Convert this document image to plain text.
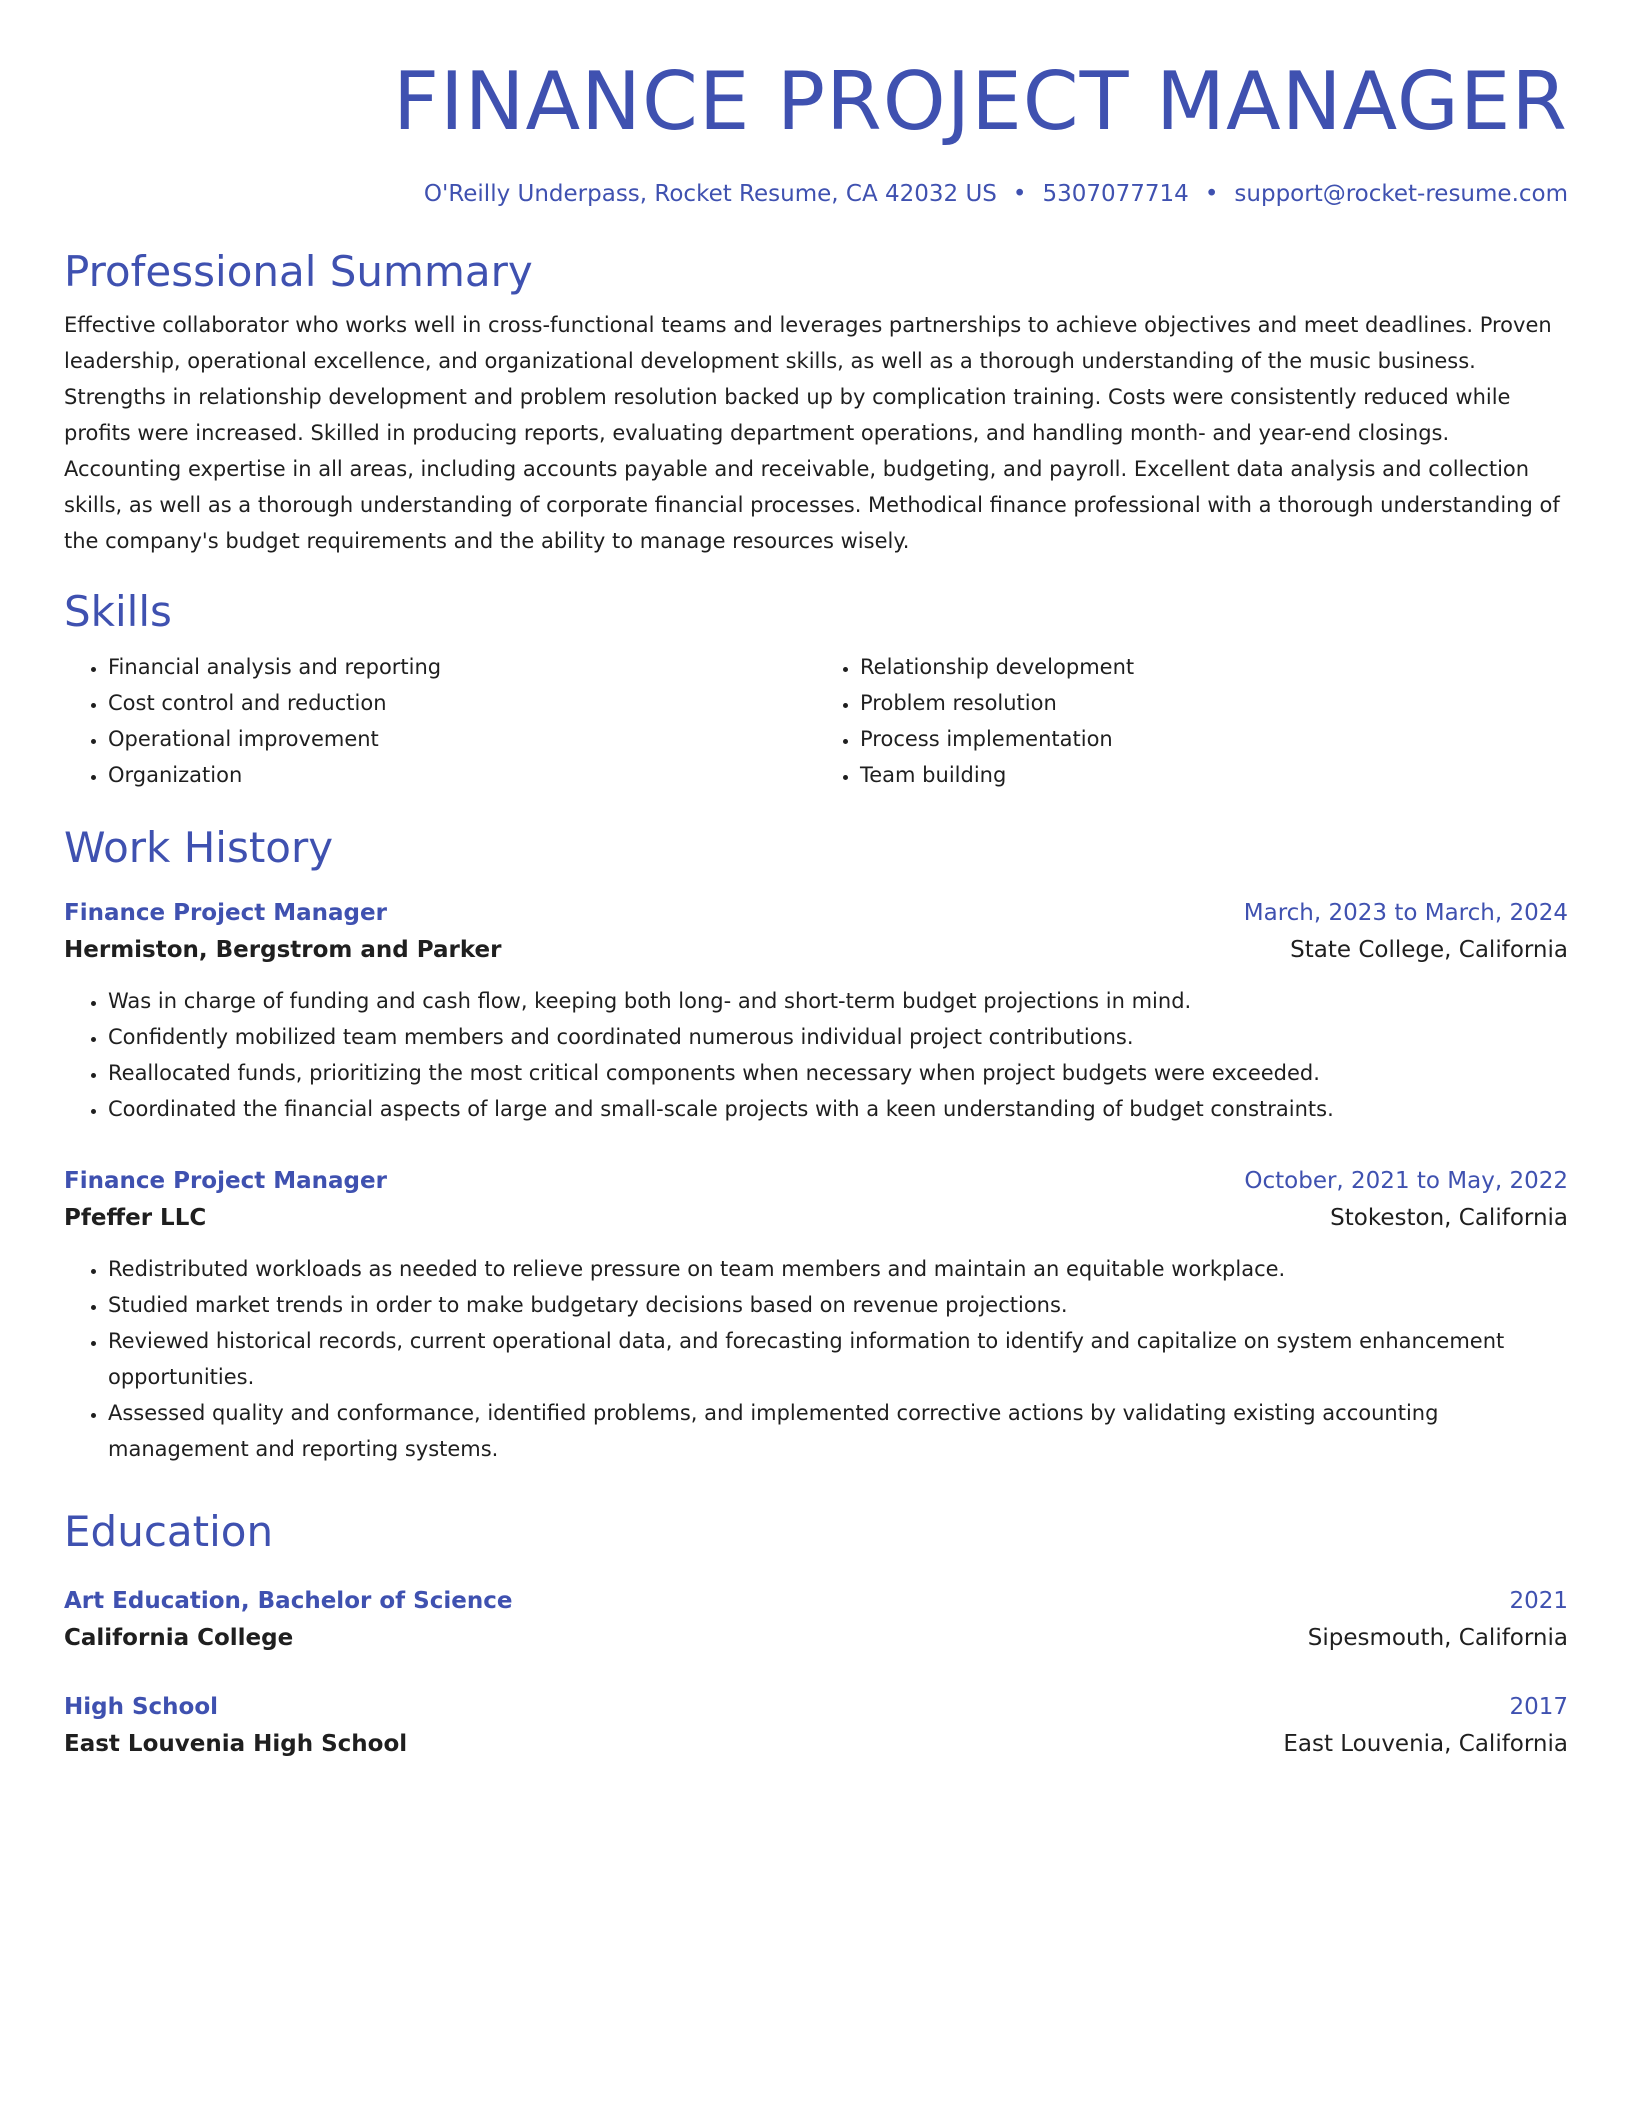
FINANCE PROJECT MANAGER
O'Reilly Underpass, Rocket Resume, CA 42032 US • 5307077714 • support@rocket-resume.com
Professional Summary
Effective collaborator who works well in cross-functional teams and leverages partnerships to achieve objectives and meet deadlines. Proven leadership, operational excellence, and organizational development skills, as well as a thorough understanding of the music business. Strengths in relationship development and problem resolution backed up by complication training. Costs were consistently reduced while profits were increased. Skilled in producing reports, evaluating department operations, and handling month- and year-end closings. Accounting expertise in all areas, including accounts payable and receivable, budgeting, and payroll. Excellent data analysis and collection skills, as well as a thorough understanding of corporate financial processes. Methodical finance professional with a thorough understanding of the company's budget requirements and the ability to manage resources wisely.
Skills
• Financial analysis and reporting
• Cost control and reduction
• Operational improvement
• Organization
• Relationship development
• Problem resolution
• Process implementation
• Team building
Work History
Finance Project Manager	March, 2023 to March, 2024
Hermiston, Bergstrom and Parker	State College, California
• Was in charge of funding and cash flow, keeping both long- and short-term budget projections in mind.
• Confidently mobilized team members and coordinated numerous individual project contributions.
• Reallocated funds, prioritizing the most critical components when necessary when project budgets were exceeded.
• Coordinated the financial aspects of large and small-scale projects with a keen understanding of budget constraints.
Finance Project Manager	October, 2021 to May, 2022
Pfeffer LLC	Stokeston, California
• Redistributed workloads as needed to relieve pressure on team members and maintain an equitable workplace.
• Studied market trends in order to make budgetary decisions based on revenue projections.
• Reviewed historical records, current operational data, and forecasting information to identify and capitalize on system enhancement opportunities.
• Assessed quality and conformance, identified problems, and implemented corrective actions by validating existing accounting management and reporting systems.
Education
Art Education, Bachelor of Science	2021
California College	Sipesmouth, California
High School	2017
East Louvenia High School	East Louvenia, California
